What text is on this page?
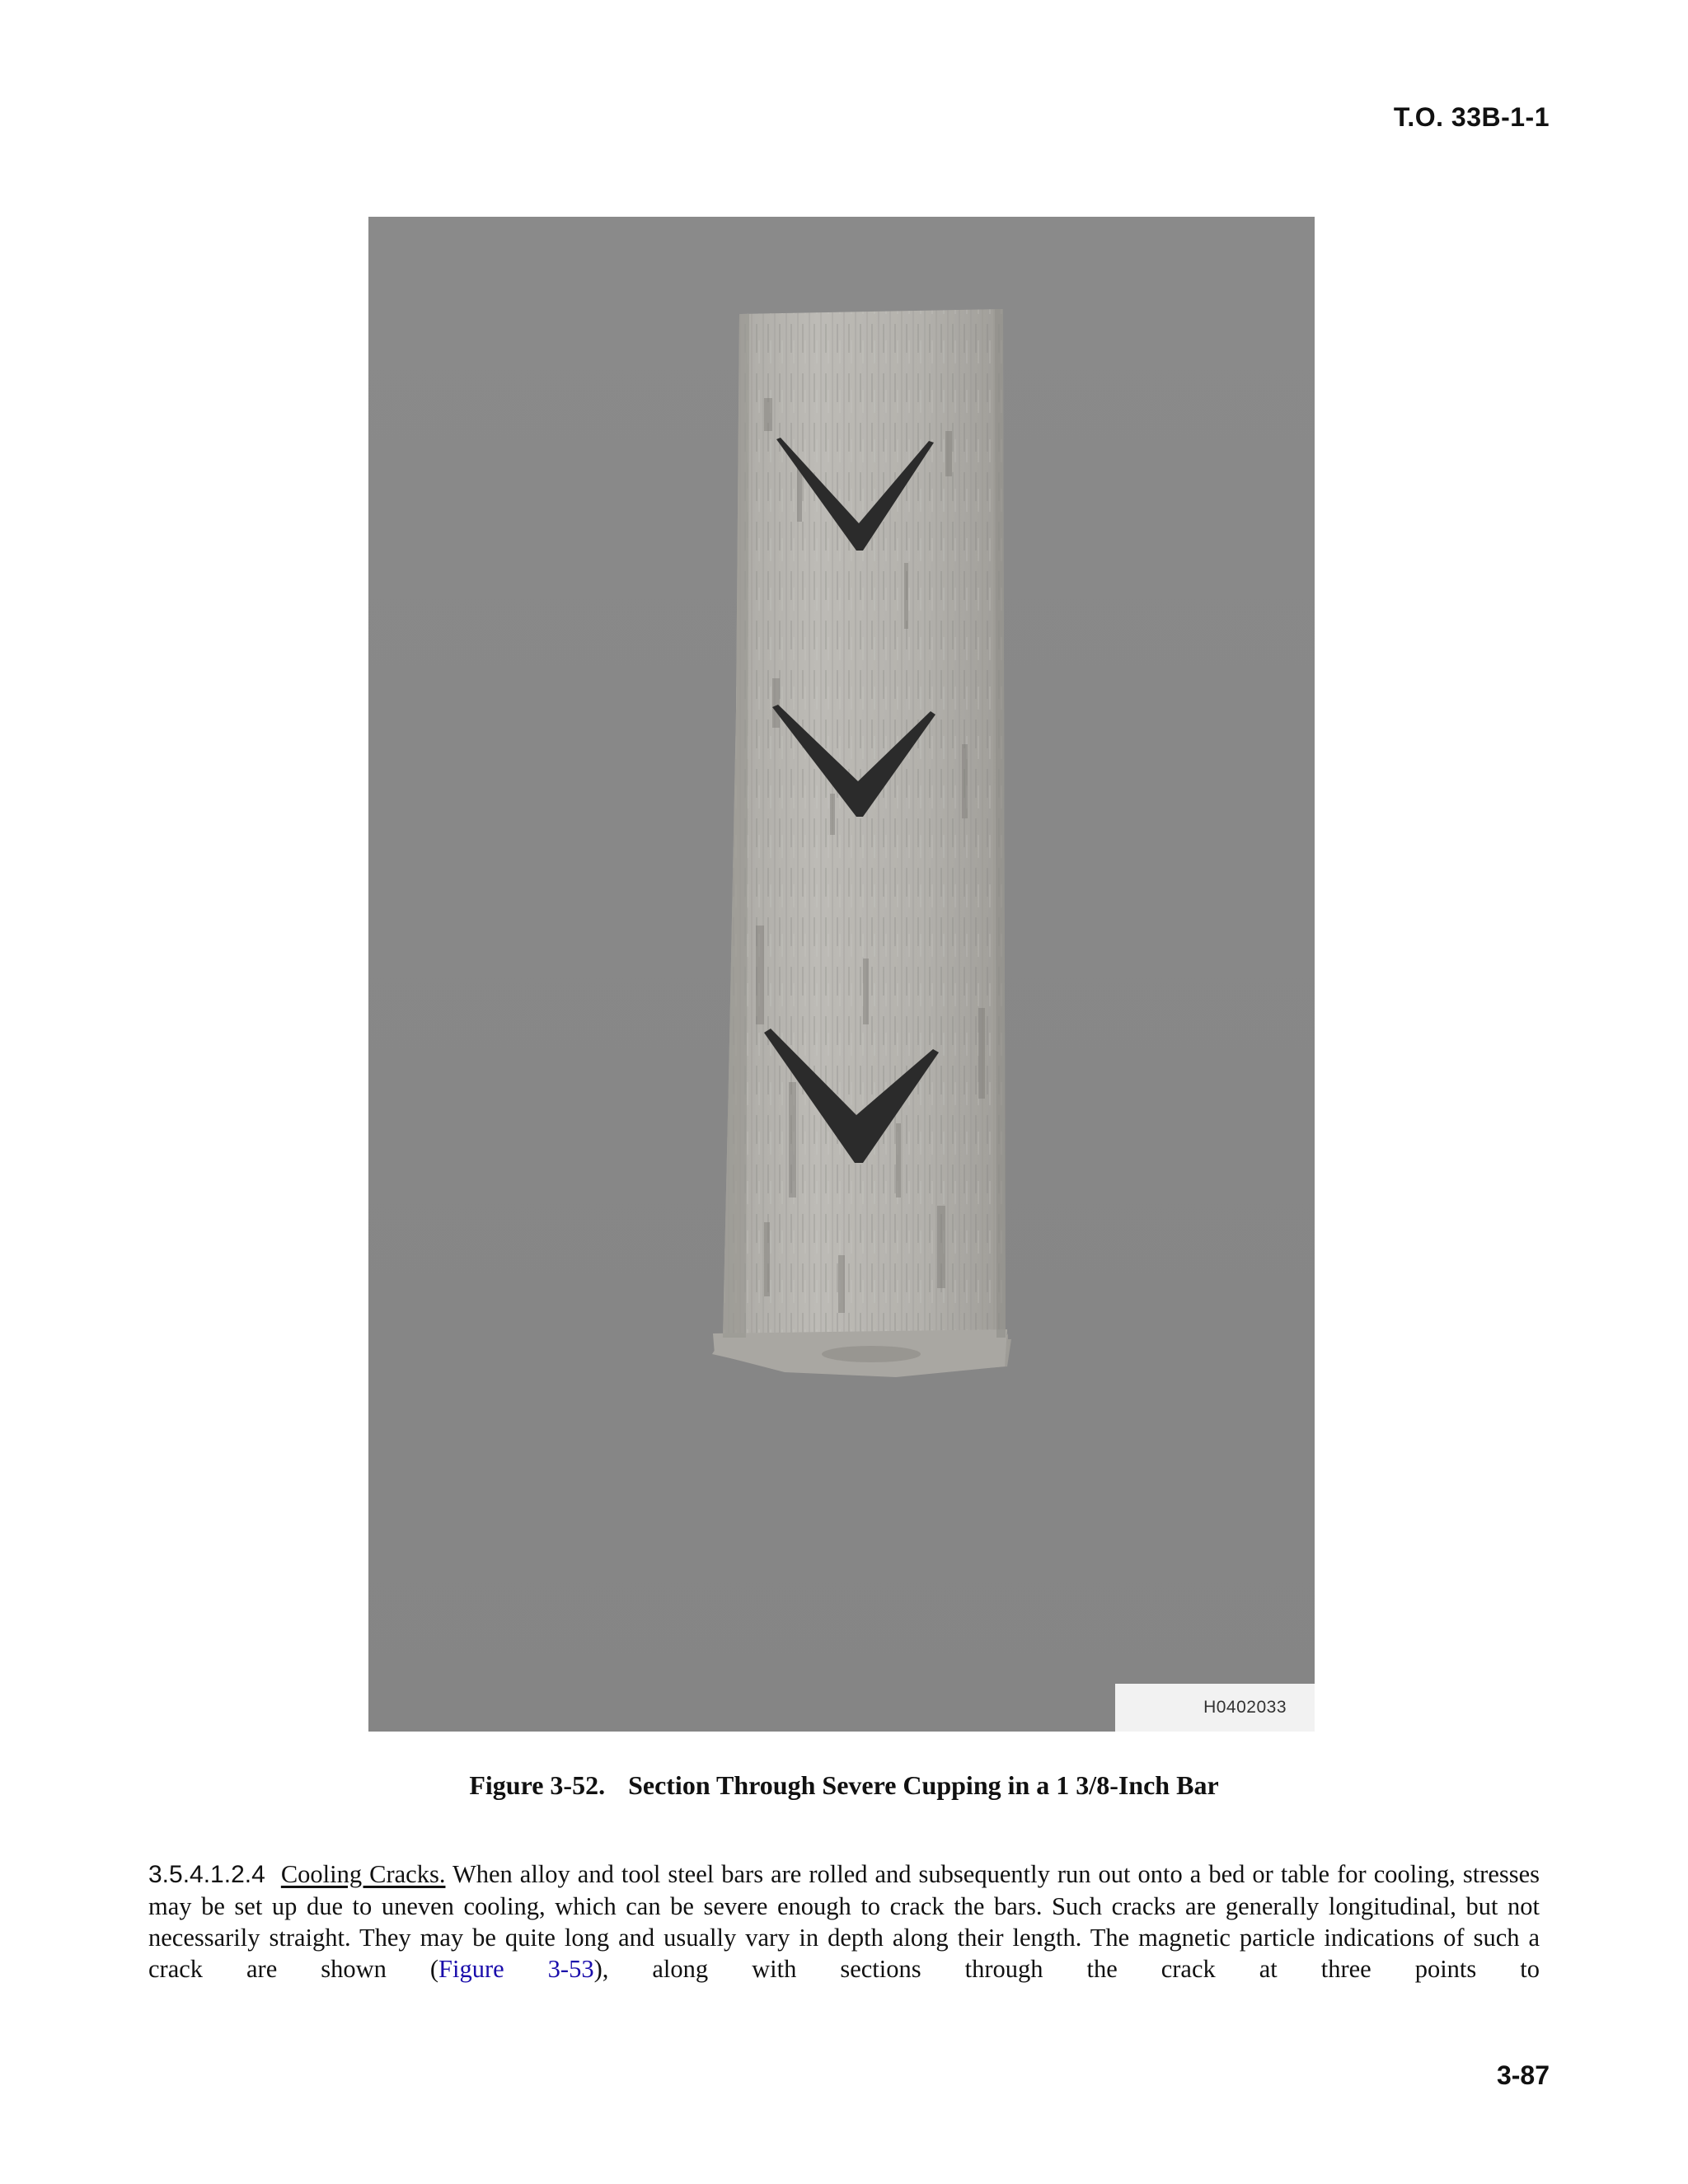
T.O. 33B-1-1
H0402033
Figure 3-52. Section Through Severe Cupping in a 1 3/8-Inch Bar
3.5.4.1.2.4 Cooling Cracks. When alloy and tool steel bars are rolled and subsequently run out onto a bed or table for cooling, stresses may be set up due to uneven cooling, which can be severe enough to crack the bars. Such cracks are generally longitudinal, but not necessarily straight. They may be quite long and usually vary in depth along their length. The magnetic particle indications of such a crack are shown (Figure 3-53), along with sections through the crack at three points to
3-87
